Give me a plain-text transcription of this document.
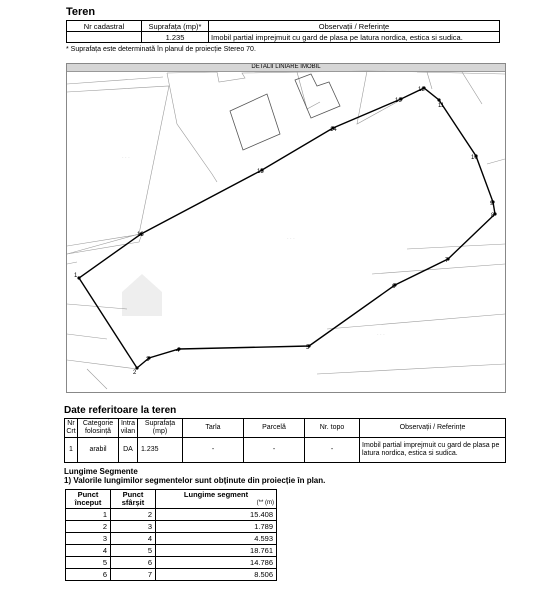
Teren
Nr cadastral	Suprafața (mp)*	Observații / Referințe
	1.235	Imobil partial imprejmuit cu gard de plasa pe latura nordica, estica si sudica.
* Suprafața este determinată în planul de proiecție Stereo 70.
DETALII LINIARE IMOBIL
· · ·
· · ·
· · ·
1
2
3
4	5
6
7
8
9
10
11
12
13
14
15
16
Date referitoare la teren
Nr Crt	Categorie folosință	Intra vilan	Suprafața (mp)	Tarla	Parcelă	Nr. topo	Observații / Referințe
1	arabil	DA	1.235	-	-	-	Imobil partial imprejmuit cu gard de plasa pe latura nordica, estica si sudica.
Lungime Segmente
1) Valorile lungimilor segmentelor sunt obținute din proiecție în plan.
Punct început	Punct sfârșit	Lungime segment

(** (m)

1	2	15.408
2	3	1.789
3	4	4.593
4	5	18.761
5	6	14.786
6	7	8.506
